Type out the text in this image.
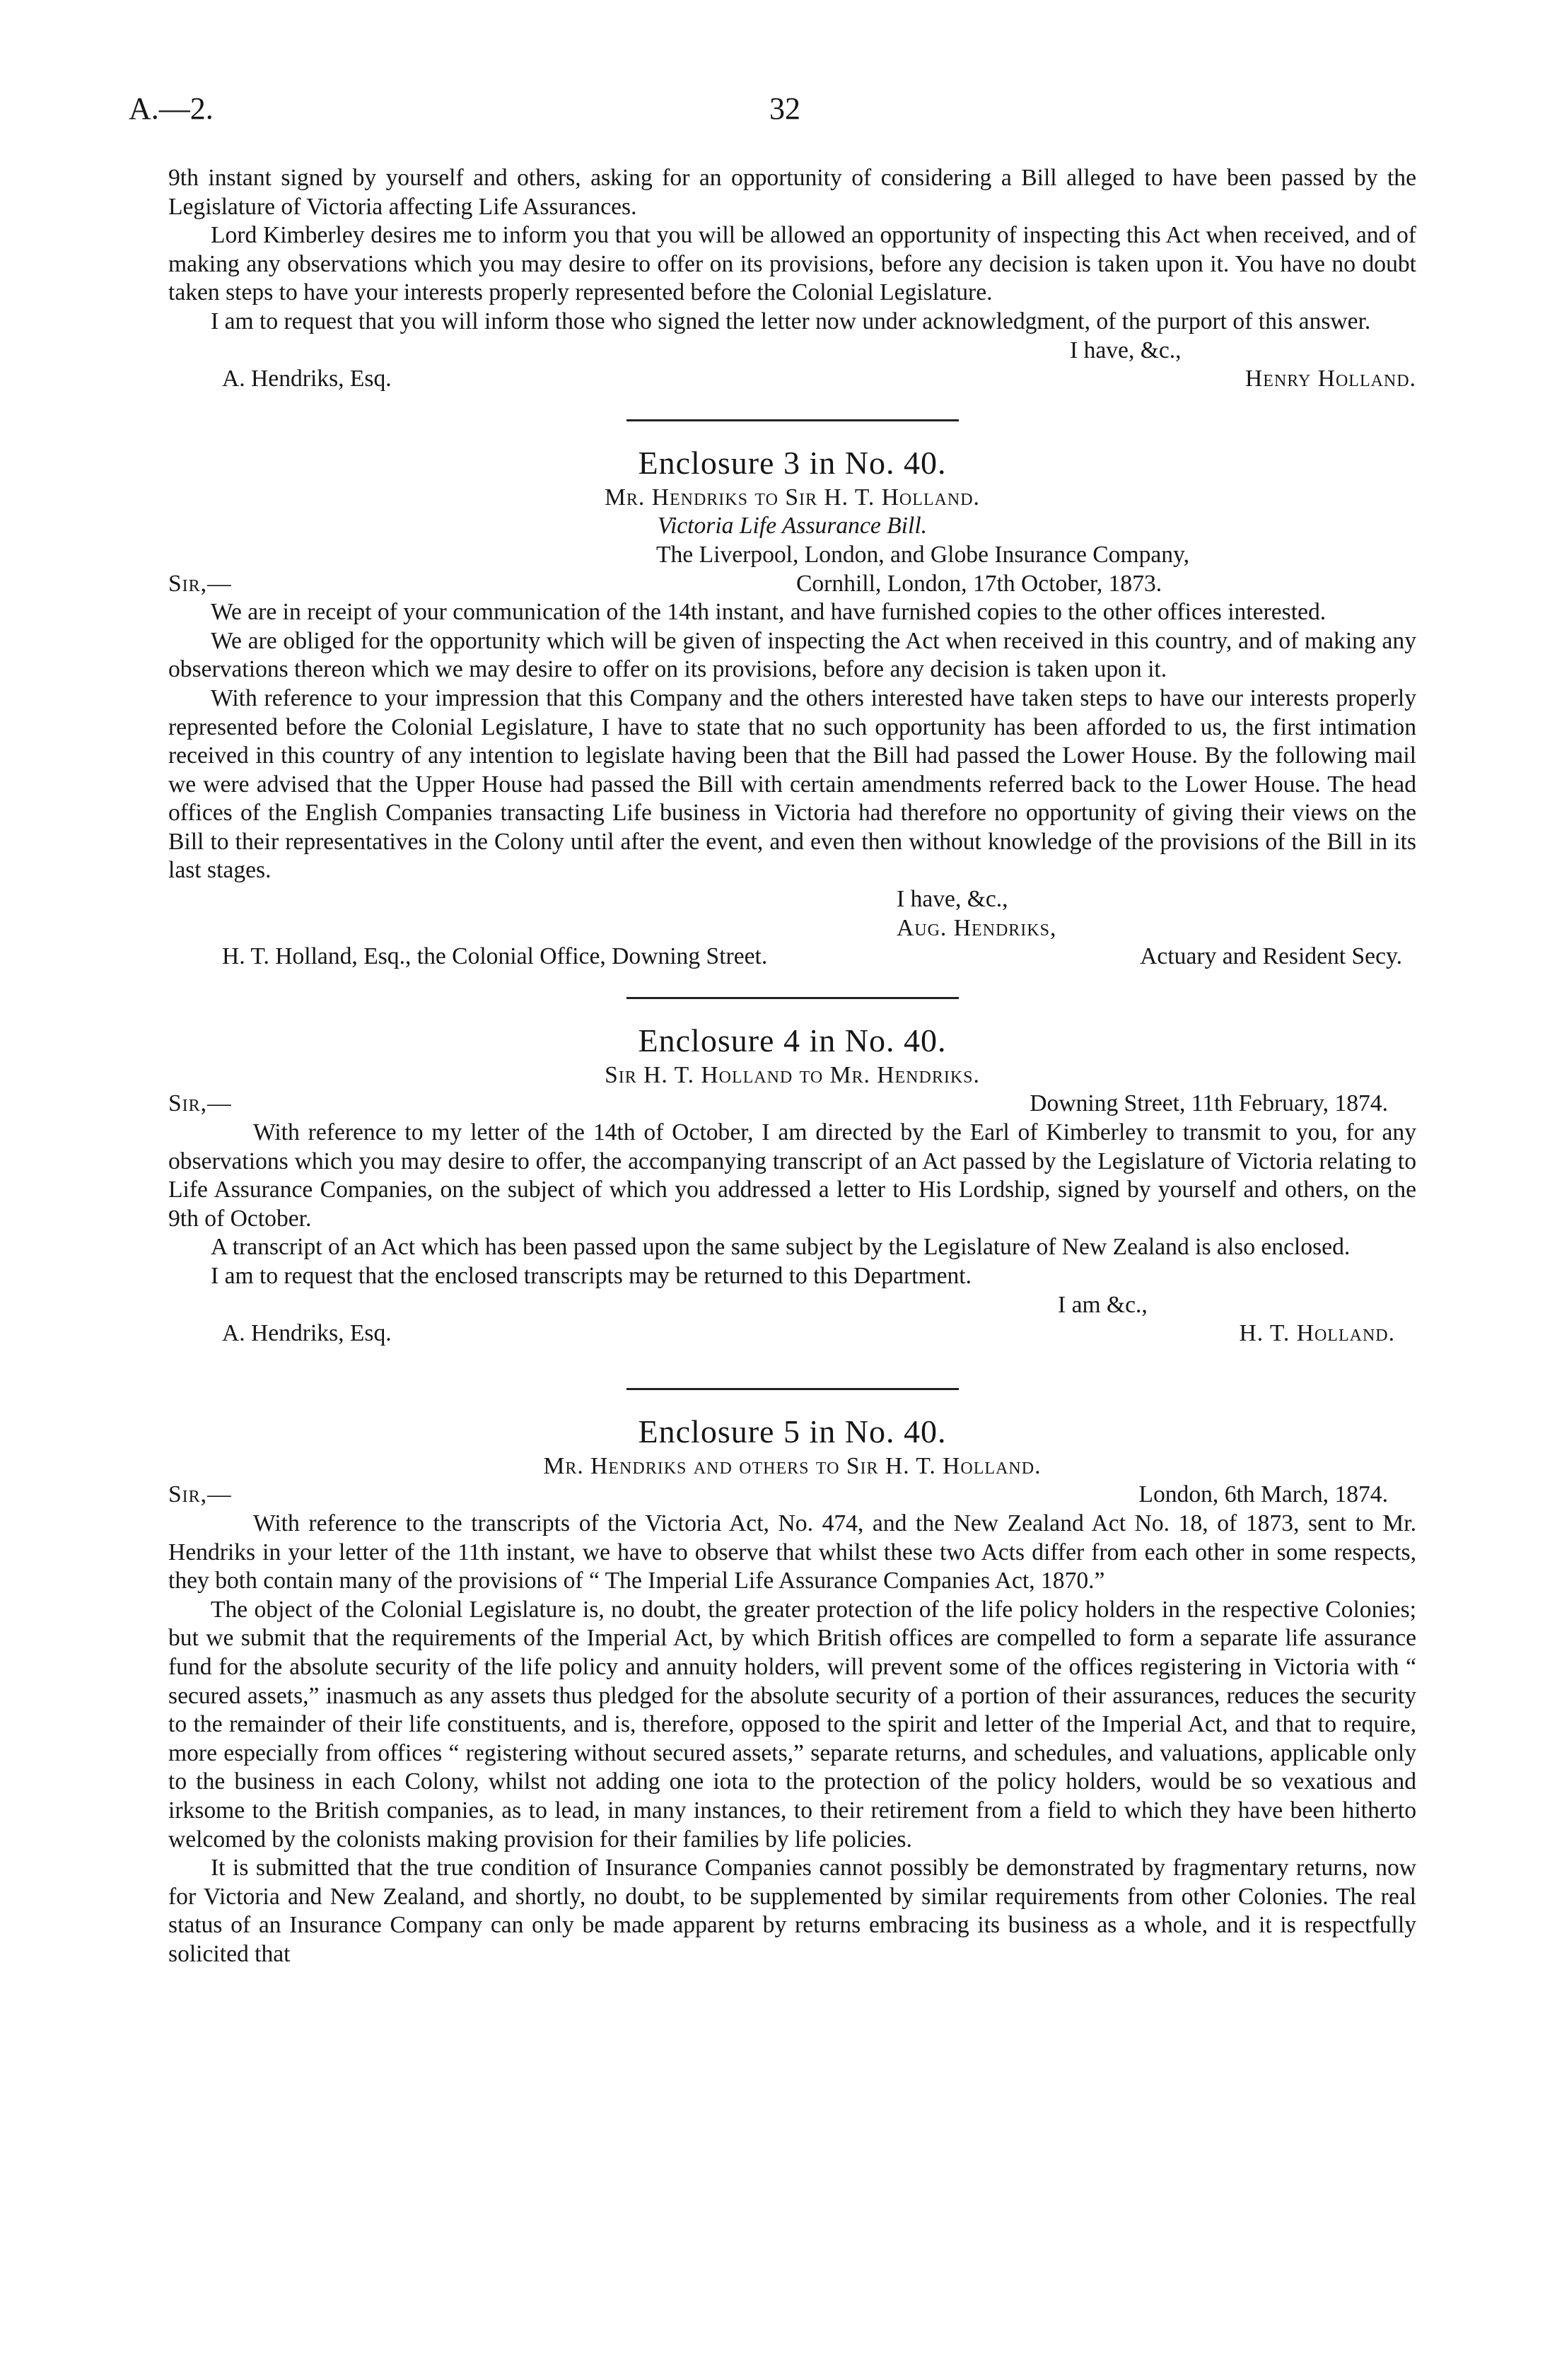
A.—2.	32

9th instant signed by yourself and others, asking for an opportunity of considering a Bill alleged to have been passed by the Legislature of Victoria affecting Life Assurances.

Lord Kimberley desires me to inform you that you will be allowed an opportunity of inspecting this Act when received, and of making any observations which you may desire to offer on its provisions, before any decision is taken upon it. You have no doubt taken steps to have your interests properly represented before the Colonial Legislature.

I am to request that you will inform those who signed the letter now under acknowledgment, of the purport of this answer.

I have, &c.,
A. Hendriks, Esq.	Henry Holland.
Enclosure 3 in No. 40.

Mr. Hendriks to Sir H. T. Holland.

Victoria Life Assurance Bill.

The Liverpool, London, and Globe Insurance Company,
Sir,—	Cornhill, London, 17th October, 1873.

We are in receipt of your communication of the 14th instant, and have furnished copies to the other offices interested.

We are obliged for the opportunity which will be given of inspecting the Act when received in this country, and of making any observations thereon which we may desire to offer on its provisions, before any decision is taken upon it.

With reference to your impression that this Company and the others interested have taken steps to have our interests properly represented before the Colonial Legislature, I have to state that no such opportunity has been afforded to us, the first intimation received in this country of any intention to legislate having been that the Bill had passed the Lower House. By the following mail we were advised that the Upper House had passed the Bill with certain amendments referred back to the Lower House. The head offices of the English Companies transacting Life business in Victoria had therefore no opportunity of giving their views on the Bill to their representatives in the Colony until after the event, and even then without knowledge of the provisions of the Bill in its last stages.

I have, &c.,
Aug. Hendriks,
H. T. Holland, Esq., the Colonial Office, Downing Street.	Actuary and Resident Secy.
Enclosure 4 in No. 40.

Sir H. T. Holland to Mr. Hendriks.

Sir,—	Downing Street, 11th February, 1874.

With reference to my letter of the 14th of October, I am directed by the Earl of Kimberley to transmit to you, for any observations which you may desire to offer, the accompanying transcript of an Act passed by the Legislature of Victoria relating to Life Assurance Companies, on the subject of which you addressed a letter to His Lordship, signed by yourself and others, on the 9th of October.

A transcript of an Act which has been passed upon the same subject by the Legislature of New Zealand is also enclosed.

I am to request that the enclosed transcripts may be returned to this Department.

I am &c.,
A. Hendriks, Esq.	H. T. Holland.
Enclosure 5 in No. 40.

Mr. Hendriks and others to Sir H. T. Holland.

Sir,—	London, 6th March, 1874.

With reference to the transcripts of the Victoria Act, No. 474, and the New Zealand Act No. 18, of 1873, sent to Mr. Hendriks in your letter of the 11th instant, we have to observe that whilst these two Acts differ from each other in some respects, they both contain many of the provisions of “ The Imperial Life Assurance Companies Act, 1870.”

The object of the Colonial Legislature is, no doubt, the greater protection of the life policy holders in the respective Colonies; but we submit that the requirements of the Imperial Act, by which British offices are compelled to form a separate life assurance fund for the absolute security of the life policy and annuity holders, will prevent some of the offices registering in Victoria with “ secured assets,” inasmuch as any assets thus pledged for the absolute security of a portion of their assurances, reduces the security to the remainder of their life constituents, and is, therefore, opposed to the spirit and letter of the Imperial Act, and that to require, more especially from offices “ registering without secured assets,” separate returns, and schedules, and valuations, applicable only to the business in each Colony, whilst not adding one iota to the protection of the policy holders, would be so vexatious and irksome to the British companies, as to lead, in many instances, to their retirement from a field to which they have been hitherto welcomed by the colonists making provision for their families by life policies.

It is submitted that the true condition of Insurance Companies cannot possibly be demonstrated by fragmentary returns, now for Victoria and New Zealand, and shortly, no doubt, to be supplemented by similar requirements from other Colonies. The real status of an Insurance Company can only be made apparent by returns embracing its business as a whole, and it is respectfully solicited that
